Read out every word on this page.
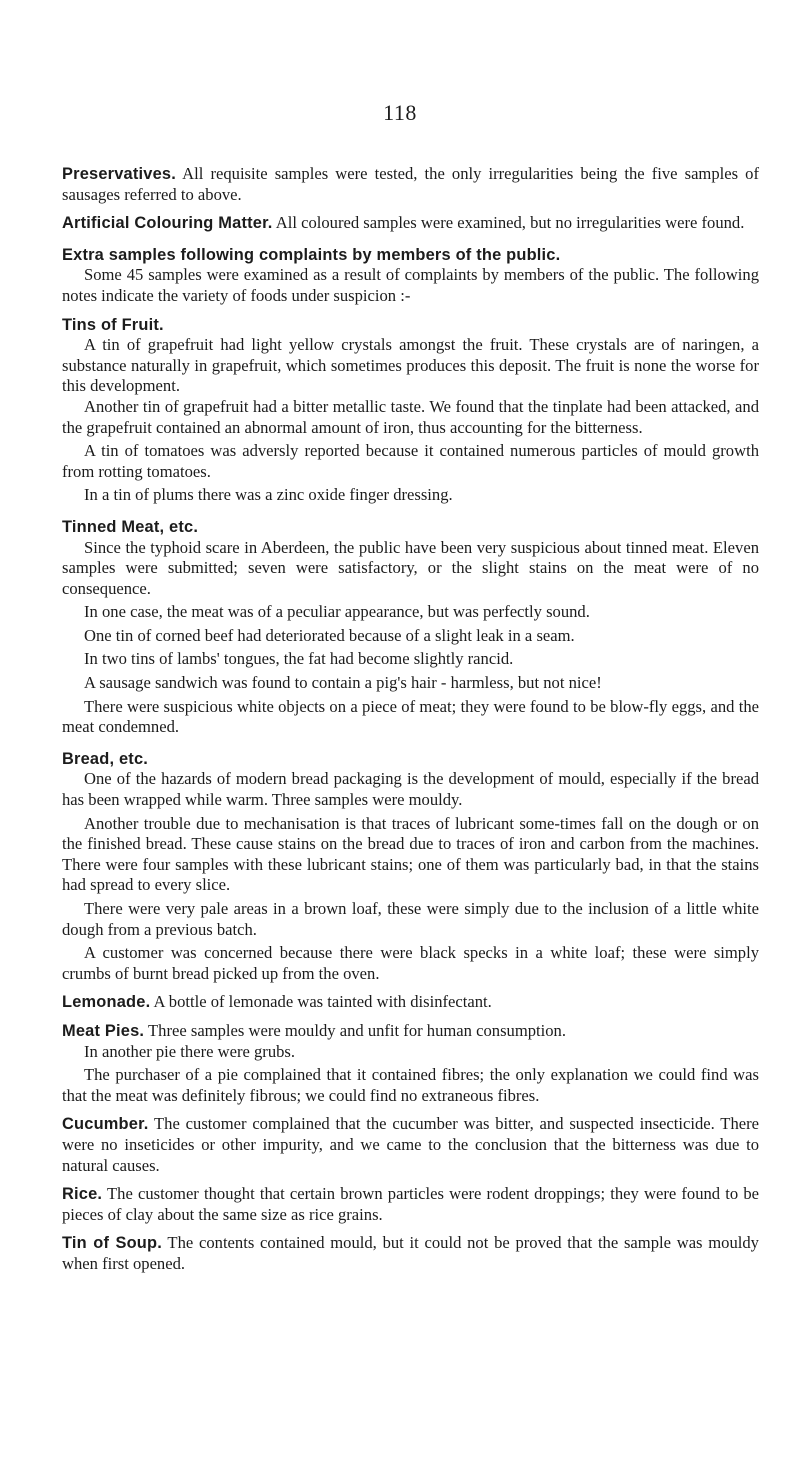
118

Preservatives. All requisite samples were tested, the only irregularities being the five samples of sausages referred to above.

Artificial Colouring Matter. All coloured samples were examined, but no irregularities were found.

Extra samples following complaints by members of the public.

Some 45 samples were examined as a result of complaints by members of the public. The following notes indicate the variety of foods under suspicion :-

Tins of Fruit.

A tin of grapefruit had light yellow crystals amongst the fruit. These crystals are of naringen, a substance naturally in grapefruit, which sometimes produces this deposit. The fruit is none the worse for this development.

Another tin of grapefruit had a bitter metallic taste. We found that the tinplate had been attacked, and the grapefruit contained an abnormal amount of iron, thus accounting for the bitterness.

A tin of tomatoes was adversly reported because it contained numerous particles of mould growth from rotting tomatoes.

In a tin of plums there was a zinc oxide finger dressing.

Tinned Meat, etc.

Since the typhoid scare in Aberdeen, the public have been very suspicious about tinned meat. Eleven samples were submitted; seven were satisfactory, or the slight stains on the meat were of no consequence.

In one case, the meat was of a peculiar appearance, but was perfectly sound.

One tin of corned beef had deteriorated because of a slight leak in a seam.

In two tins of lambs' tongues, the fat had become slightly rancid.

A sausage sandwich was found to contain a pig's hair - harmless, but not nice!

There were suspicious white objects on a piece of meat; they were found to be blow-fly eggs, and the meat condemned.

Bread, etc.

One of the hazards of modern bread packaging is the development of mould, especially if the bread has been wrapped while warm. Three samples were mouldy.

Another trouble due to mechanisation is that traces of lubricant some-times fall on the dough or on the finished bread. These cause stains on the bread due to traces of iron and carbon from the machines. There were four samples with these lubricant stains; one of them was particularly bad, in that the stains had spread to every slice.

There were very pale areas in a brown loaf, these were simply due to the inclusion of a little white dough from a previous batch.

A customer was concerned because there were black specks in a white loaf; these were simply crumbs of burnt bread picked up from the oven.

Lemonade. A bottle of lemonade was tainted with disinfectant.

Meat Pies. Three samples were mouldy and unfit for human consumption.

In another pie there were grubs.

The purchaser of a pie complained that it contained fibres; the only explanation we could find was that the meat was definitely fibrous; we could find no extraneous fibres.

Cucumber. The customer complained that the cucumber was bitter, and suspected insecticide. There were no inseticides or other impurity, and we came to the conclusion that the bitterness was due to natural causes.

Rice. The customer thought that certain brown particles were rodent droppings; they were found to be pieces of clay about the same size as rice grains.

Tin of Soup. The contents contained mould, but it could not be proved that the sample was mouldy when first opened.
